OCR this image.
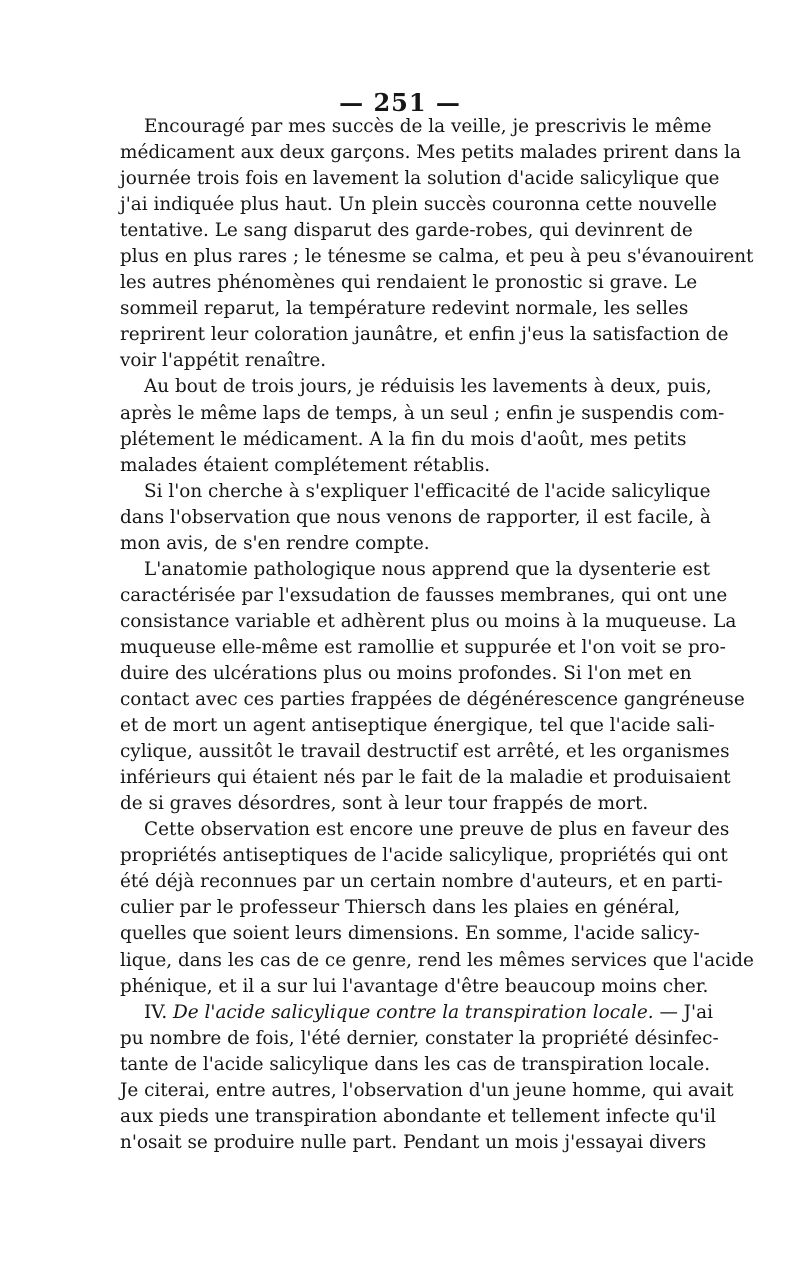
— 251 —
Encouragé par mes succès de la veille, je prescrivis le même
médicament aux deux garçons. Mes petits malades prirent dans la
journée trois fois en lavement la solution d'acide salicylique que
j'ai indiquée plus haut. Un plein succès couronna cette nouvelle
tentative. Le sang disparut des garde-robes, qui devinrent de
plus en plus rares ; le ténesme se calma, et peu à peu s'évanouirent
les autres phénomènes qui rendaient le pronostic si grave. Le
sommeil reparut, la température redevint normale, les selles
reprirent leur coloration jaunâtre, et enfin j'eus la satisfaction de
voir l'appétit renaître.
Au bout de trois jours, je réduisis les lavements à deux, puis,
après le même laps de temps, à un seul ; enfin je suspendis com-
plétement le médicament. A la fin du mois d'août, mes petits
malades étaient complétement rétablis.
Si l'on cherche à s'expliquer l'efficacité de l'acide salicylique
dans l'observation que nous venons de rapporter, il est facile, à
mon avis, de s'en rendre compte.
L'anatomie pathologique nous apprend que la dysenterie est
caractérisée par l'exsudation de fausses membranes, qui ont une
consistance variable et adhèrent plus ou moins à la muqueuse. La
muqueuse elle-même est ramollie et suppurée et l'on voit se pro-
duire des ulcérations plus ou moins profondes. Si l'on met en
contact avec ces parties frappées de dégénérescence gangréneuse
et de mort un agent antiseptique énergique, tel que l'acide sali-
cylique, aussitôt le travail destructif est arrêté, et les organismes
inférieurs qui étaient nés par le fait de la maladie et produisaient
de si graves désordres, sont à leur tour frappés de mort.
Cette observation est encore une preuve de plus en faveur des
propriétés antiseptiques de l'acide salicylique, propriétés qui ont
été déjà reconnues par un certain nombre d'auteurs, et en parti-
culier par le professeur Thiersch dans les plaies en général,
quelles que soient leurs dimensions. En somme, l'acide salicy-
lique, dans les cas de ce genre, rend les mêmes services que l'acide
phénique, et il a sur lui l'avantage d'être beaucoup moins cher.
IV. De l'acide salicylique contre la transpiration locale. — J'ai
pu nombre de fois, l'été dernier, constater la propriété désinfec-
tante de l'acide salicylique dans les cas de transpiration locale.
Je citerai, entre autres, l'observation d'un jeune homme, qui avait
aux pieds une transpiration abondante et tellement infecte qu'il
n'osait se produire nulle part. Pendant un mois j'essayai divers
